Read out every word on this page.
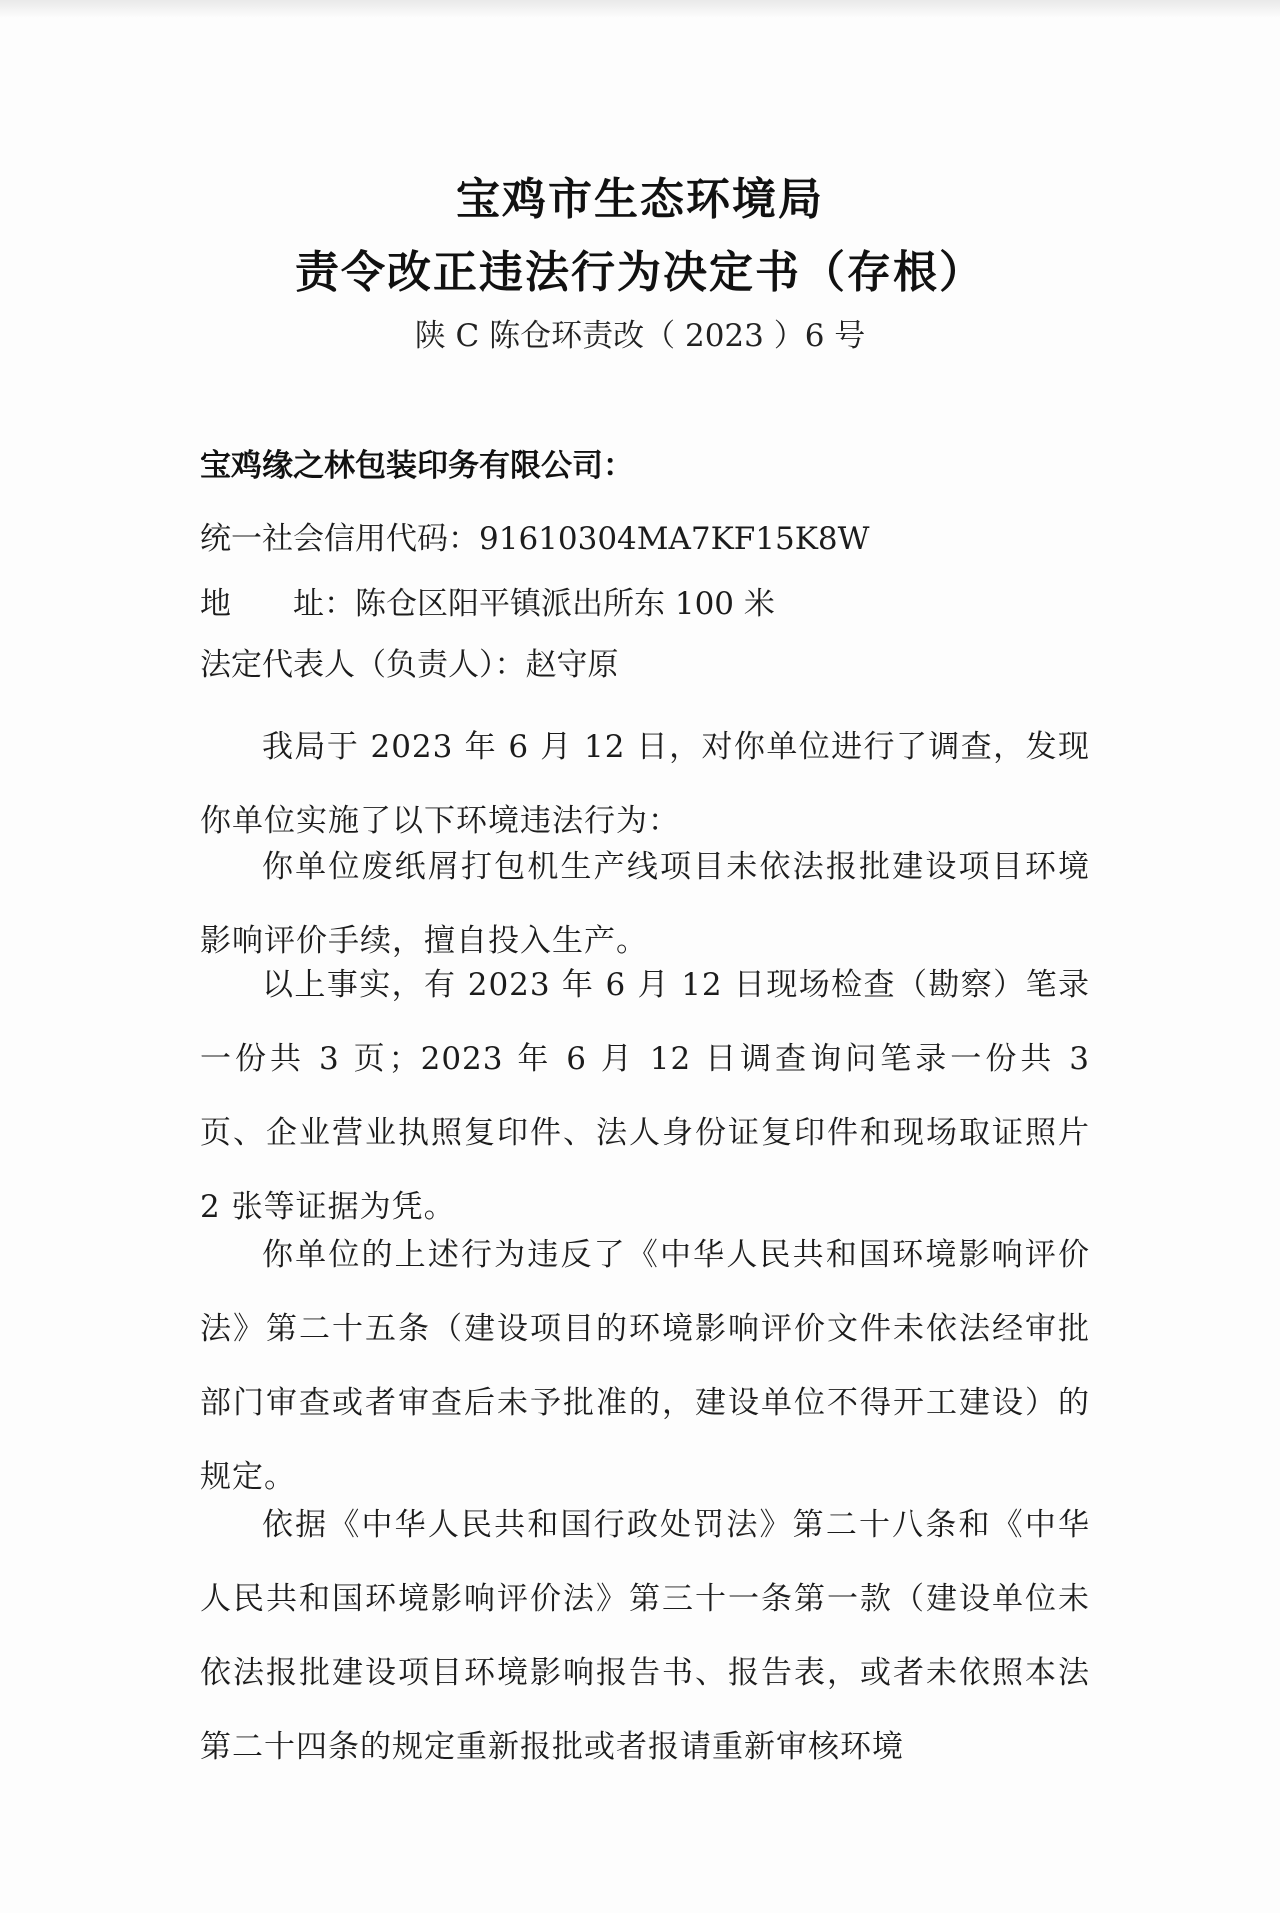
宝鸡市生态环境局
责令改正违法行为决定书（存根）
陕 C 陈仓环责改（ 2023 ）6 号
宝鸡缘之林包装印务有限公司：
统一社会信用代码：91610304MA7KF15K8W
地　　址：陈仓区阳平镇派出所东 100 米
法定代表人（负责人）：赵守原
我局于 2023 年 6 月 12 日，对你单位进行了调查，发现你单位实施了以下环境违法行为：
你单位废纸屑打包机生产线项目未依法报批建设项目环境影响评价手续，擅自投入生产。
以上事实，有 2023 年 6 月 12 日现场检查（勘察）笔录一份共 3 页；2023 年 6 月 12 日调查询问笔录一份共 3 页、企业营业执照复印件、法人身份证复印件和现场取证照片 2 张等证据为凭。
你单位的上述行为违反了《中华人民共和国环境影响评价法》第二十五条（建设项目的环境影响评价文件未依法经审批部门审查或者审查后未予批准的，建设单位不得开工建设）的规定。
依据《中华人民共和国行政处罚法》第二十八条和《中华人民共和国环境影响评价法》第三十一条第一款（建设单位未依法报批建设项目环境影响报告书、报告表，或者未依照本法第二十四条的规定重新报批或者报请重新审核环境
